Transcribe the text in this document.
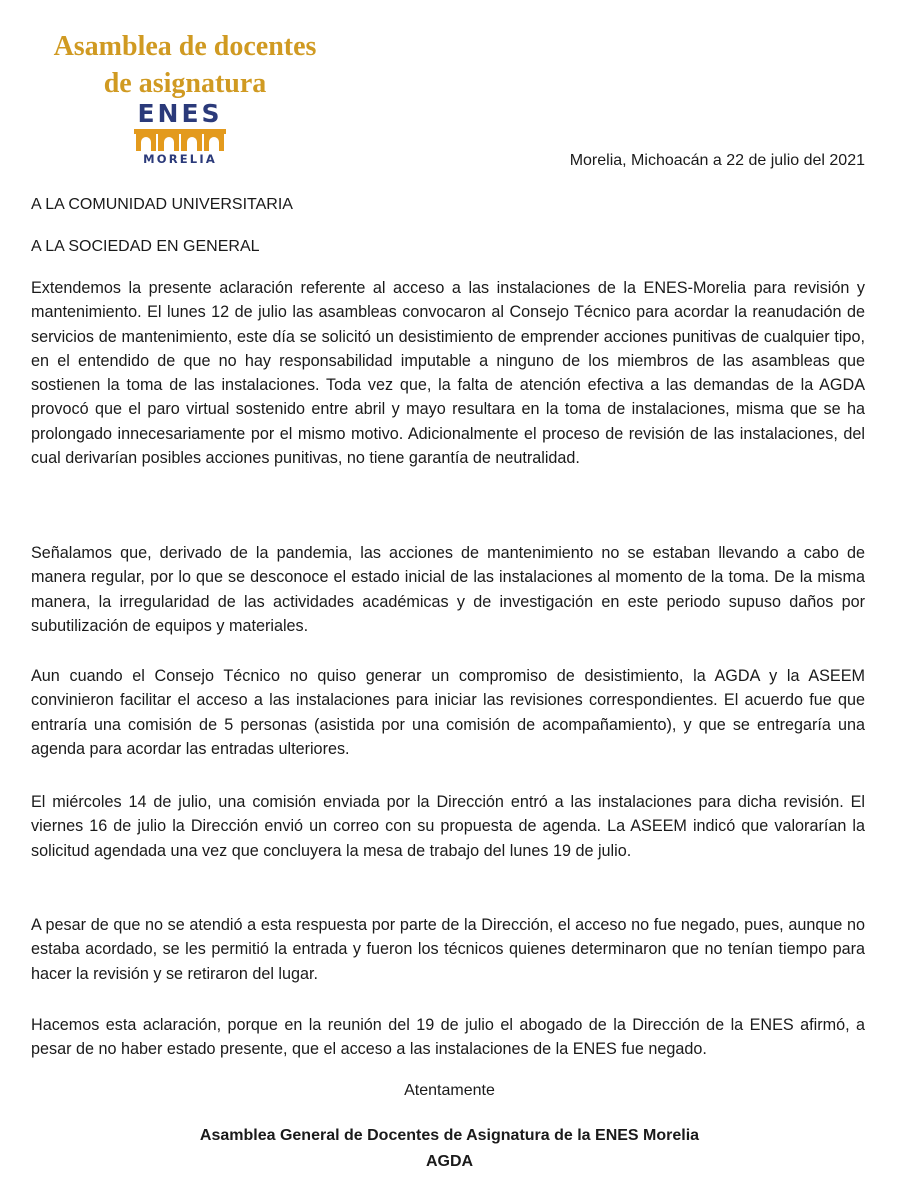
Asamblea de docentes
de asignatura
ENES
MORELIA	Morelia, Michoacán a 22 de julio del 2021
A LA COMUNIDAD UNIVERSITARIA
A LA SOCIEDAD EN GENERAL

Extendemos la presente aclaración referente al acceso a las instalaciones de la ENES-Morelia para revisión y mantenimiento. El lunes 12 de julio las asambleas convocaron al Consejo Técnico para acordar la reanudación de servicios de mantenimiento, este día se solicitó un desistimiento de emprender acciones punitivas de cualquier tipo, en el entendido de que no hay responsabilidad imputable a ninguno de los miembros de las asambleas que sostienen la toma de las instalaciones. Toda vez que, la falta de atención efectiva a las demandas de la AGDA provocó que el paro virtual sostenido entre abril y mayo resultara en la toma de instalaciones, misma que se ha prolongado innecesariamente por el mismo motivo. Adicionalmente el proceso de revisión de las instalaciones, del cual derivarían posibles acciones punitivas, no tiene garantía de neutralidad.

Señalamos que, derivado de la pandemia, las acciones de mantenimiento no se estaban llevando a cabo de manera regular, por lo que se desconoce el estado inicial de las instalaciones al momento de la toma. De la misma manera, la irregularidad de las actividades académicas y de investigación en este periodo supuso daños por subutilización de equipos y materiales.

Aun cuando el Consejo Técnico no quiso generar un compromiso de desistimiento, la AGDA y la ASEEM convinieron facilitar el acceso a las instalaciones para iniciar las revisiones correspondientes. El acuerdo fue que entraría una comisión de 5 personas (asistida por una comisión de acompañamiento), y que se entregaría una agenda para acordar las entradas ulteriores.

El miércoles 14 de julio, una comisión enviada por la Dirección entró a las instalaciones para dicha revisión. El viernes 16 de julio la Dirección envió un correo con su propuesta de agenda. La ASEEM indicó que valorarían la solicitud agendada una vez que concluyera la mesa de trabajo del lunes 19 de julio.

A pesar de que no se atendió a esta respuesta por parte de la Dirección, el acceso no fue negado, pues, aunque no estaba acordado, se les permitió la entrada y fueron los técnicos quienes determinaron que no tenían tiempo para hacer la revisión y se retiraron del lugar.

Hacemos esta aclaración, porque en la reunión del 19 de julio el abogado de la Dirección de la ENES afirmó, a pesar de no haber estado presente, que el acceso a las instalaciones de la ENES fue negado.

Atentamente
Asamblea General de Docentes de Asignatura de la ENES Morelia
AGDA
